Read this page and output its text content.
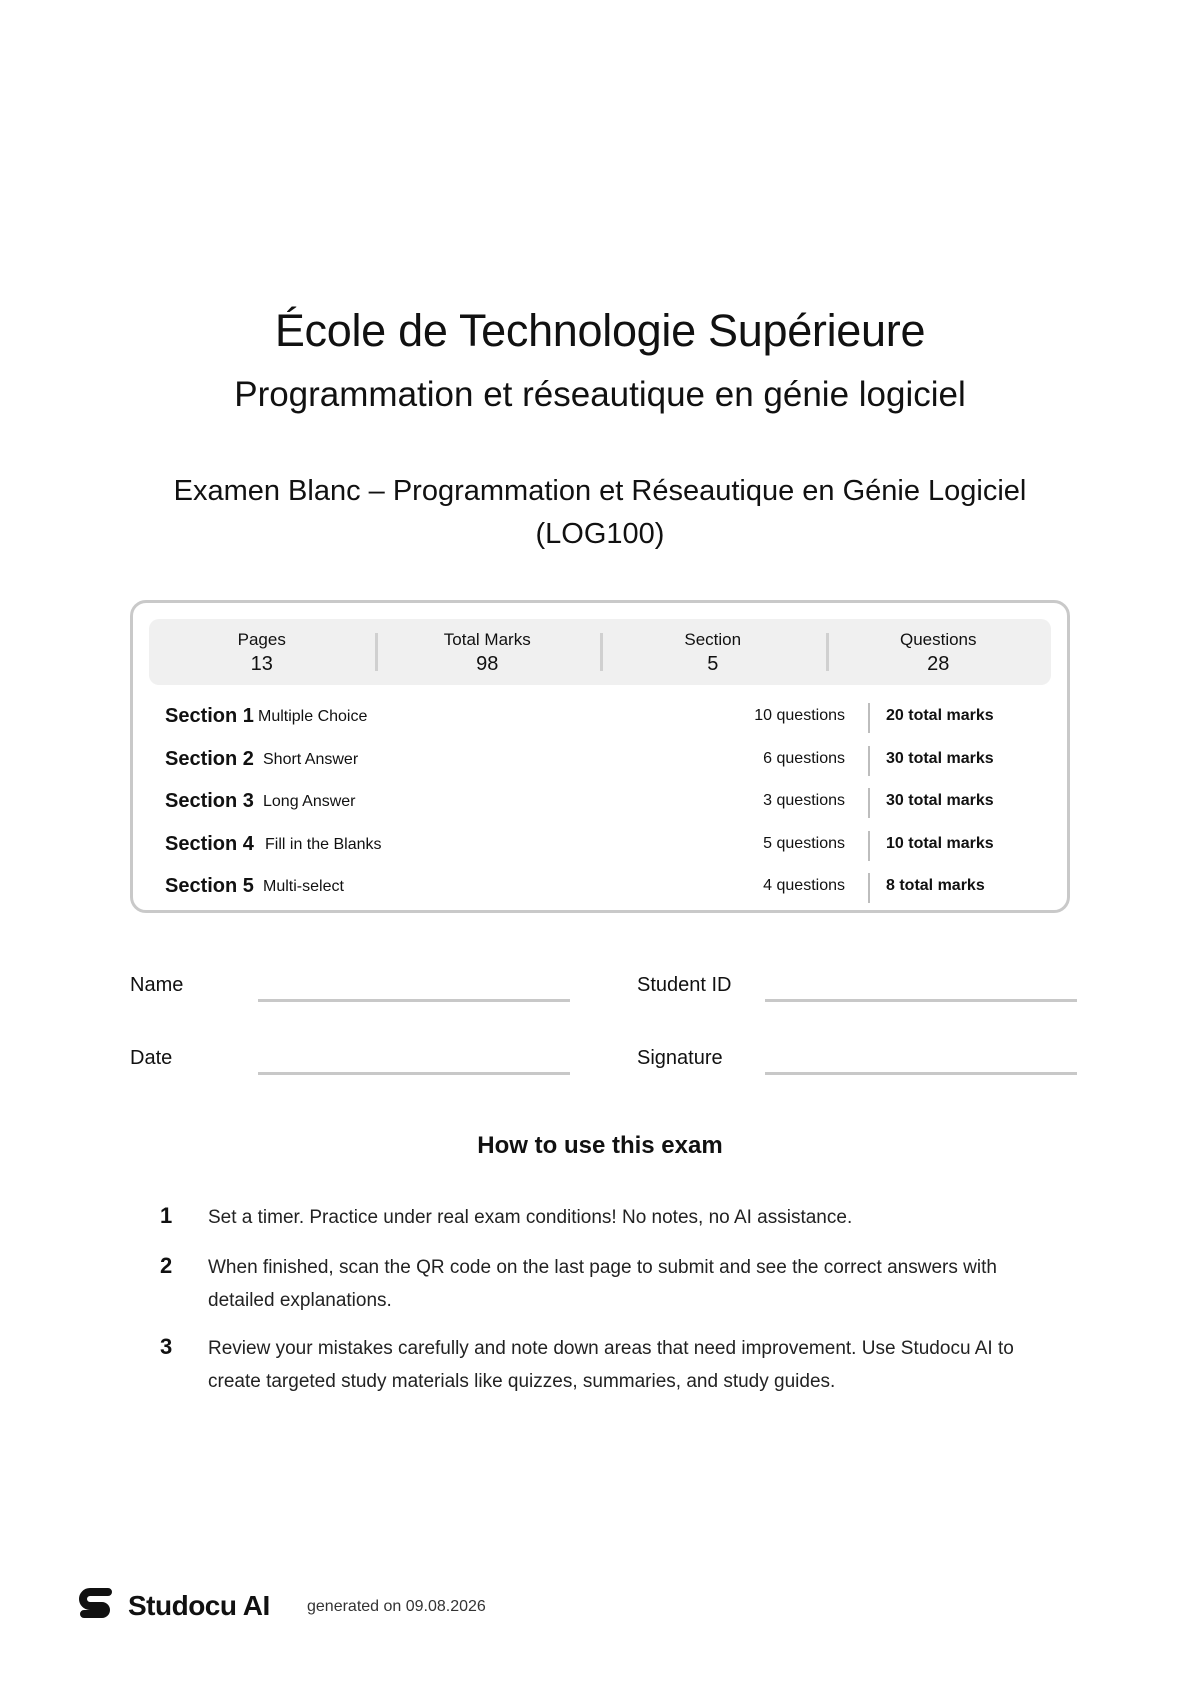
École de Technologie Supérieure
Programmation et réseautique en génie logiciel
Examen Blanc – Programmation et Réseautique en Génie Logiciel (LOG100)
Pages
13
Total Marks
98
Section
5
Questions
28
Section 1 Multiple Choice	10 questions	20 total marks
Section 2 Short Answer	6 questions	30 total marks
Section 3 Long Answer	3 questions	30 total marks
Section 4 Fill in the Blanks	5 questions	10 total marks
Section 5 Multi-select	4 questions	8 total marks
Name	Student ID
Date	Signature
How to use this exam
1 Set a timer. Practice under real exam conditions! No notes, no AI assistance.
2 When finished, scan the QR code on the last page to submit and see the correct answers with detailed explanations.
3 Review your mistakes carefully and note down areas that need improvement. Use Studocu AI to create targeted study materials like quizzes, summaries, and study guides.
Studocu AI generated on 09.08.2026
